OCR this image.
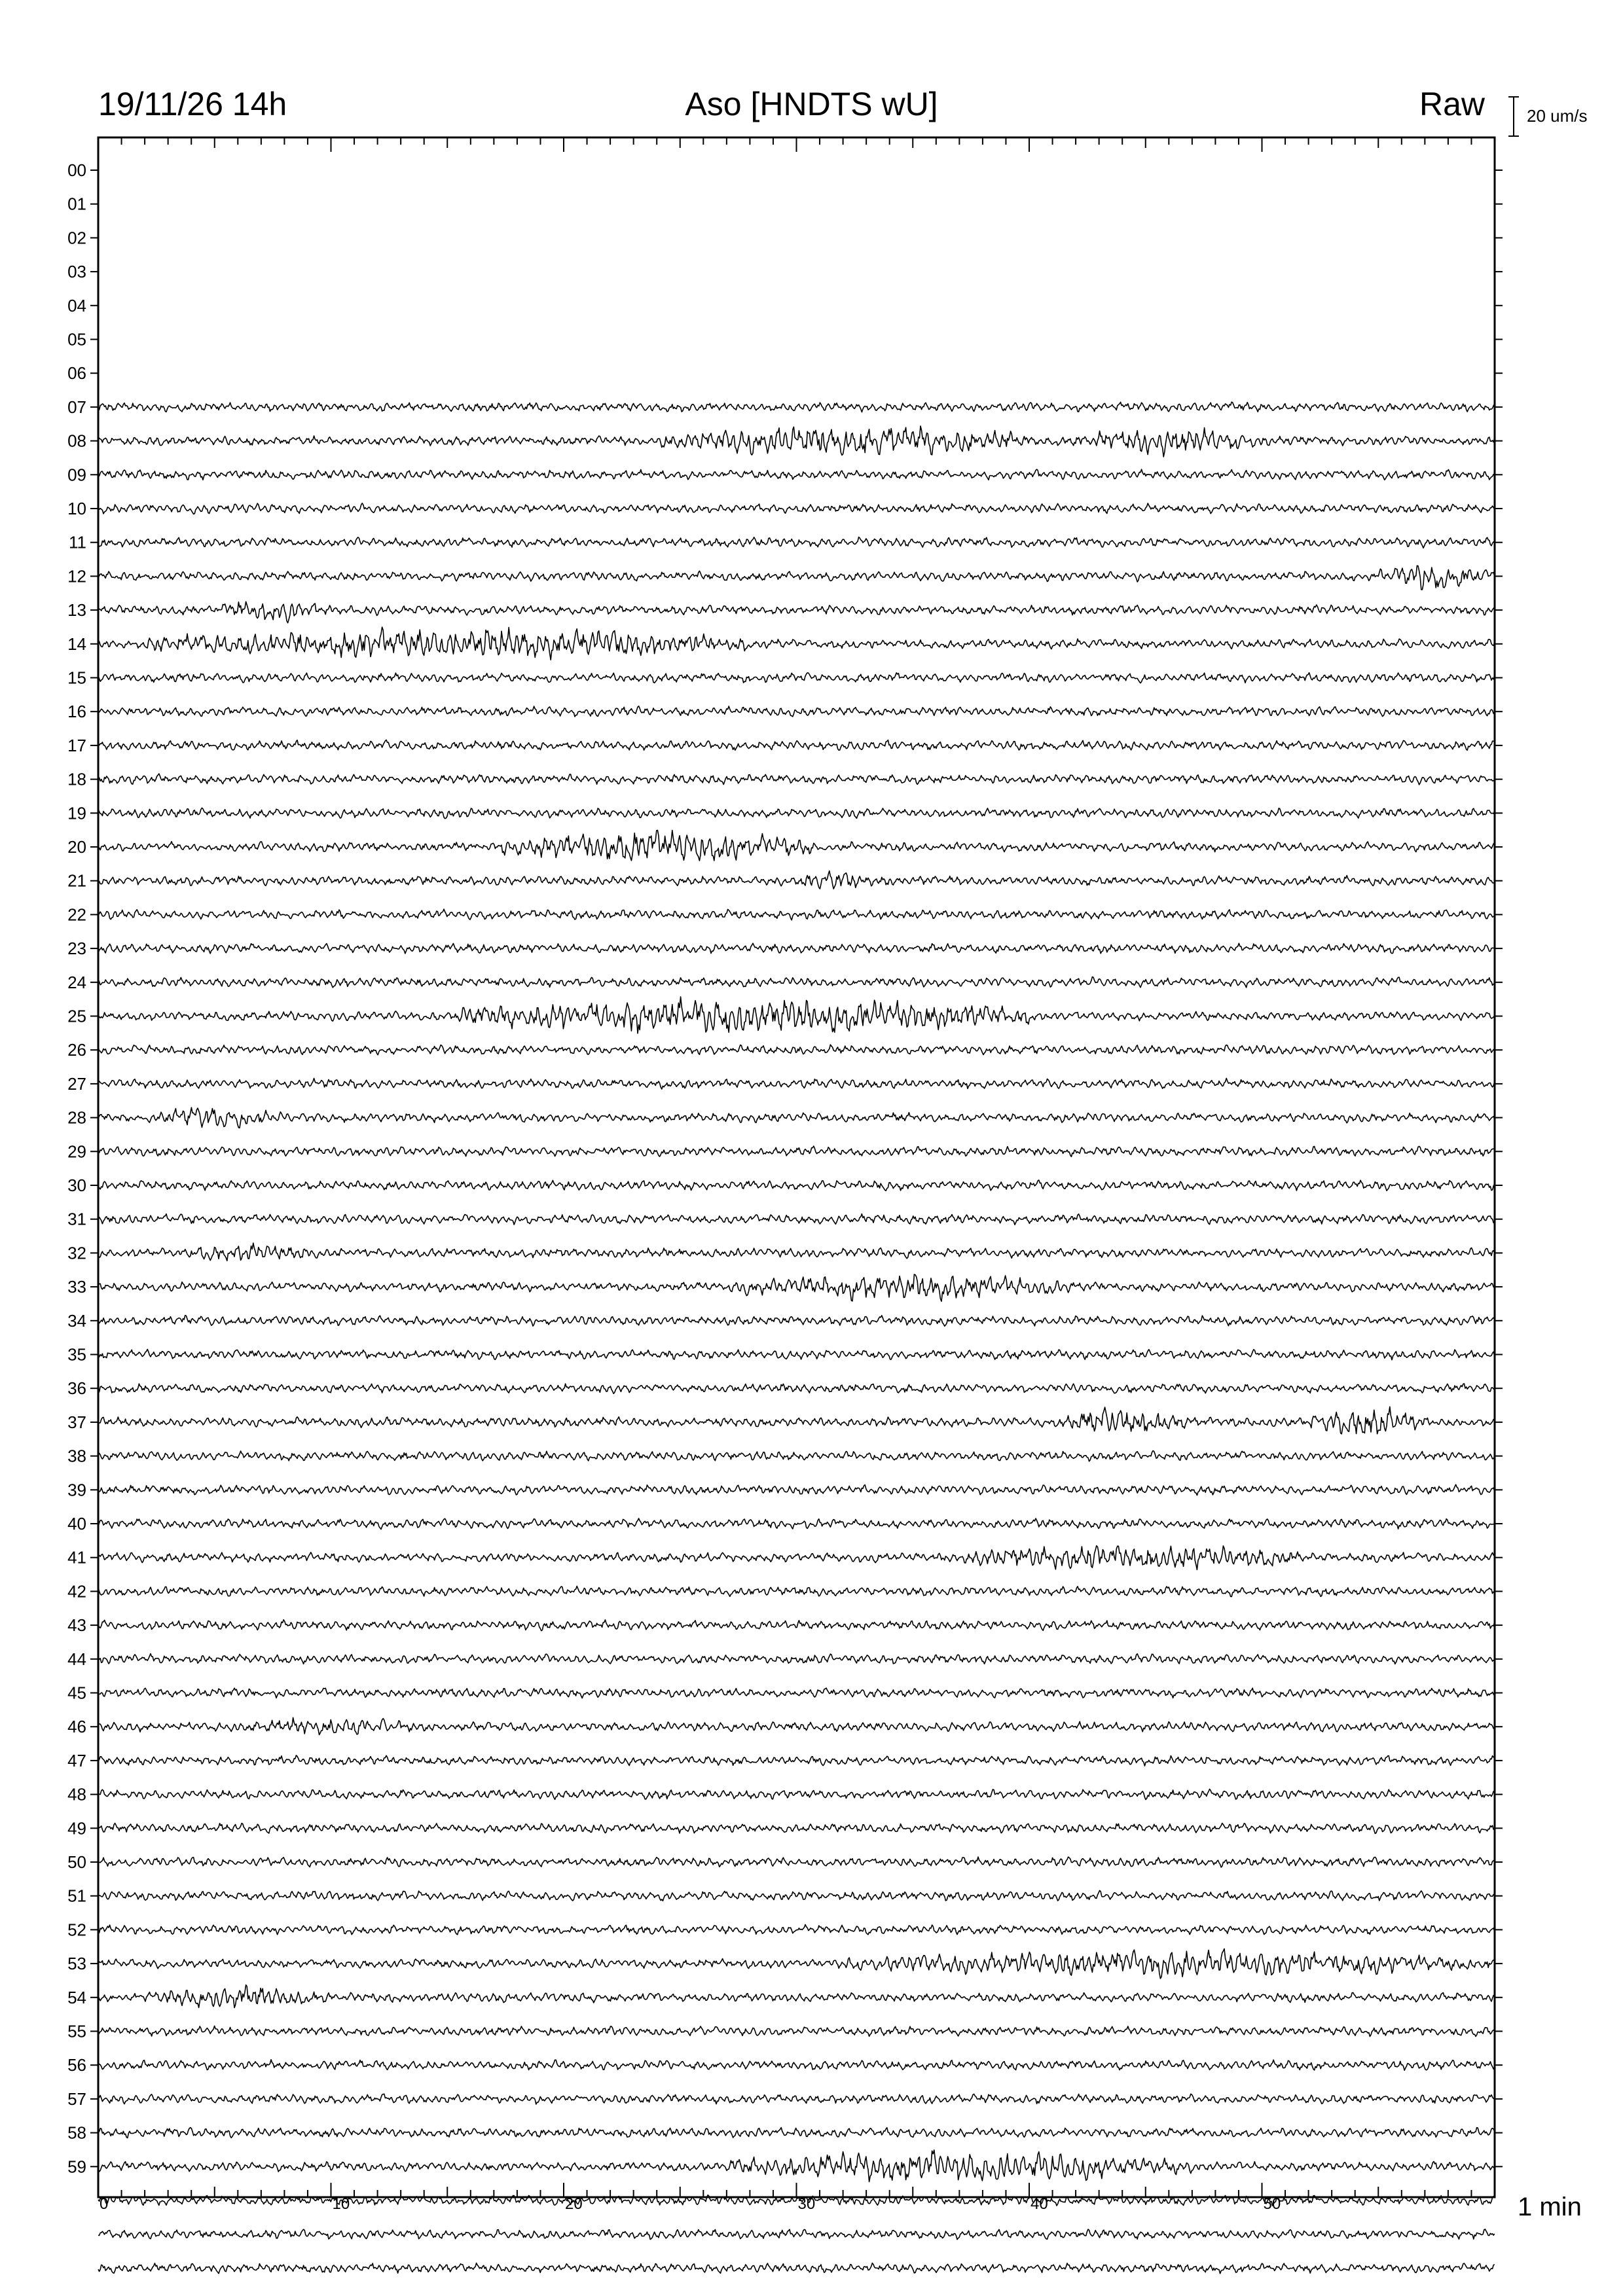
00
01
02
03
04
05
06
07
08
09
10
11
12
13
14
15
16
17
18
19
20
21
22
23
24
25
26
27
28
29
30
31
32
33
34
35
36
37
38
39
40
41
42
43
44
45
46
47
48
49
50
51
52
53
54
55
56
57
58
59
0	10	20	30	40	50
19/11/26 14h	Aso [HNDTS wU]	Raw 20 um/s
1 min
